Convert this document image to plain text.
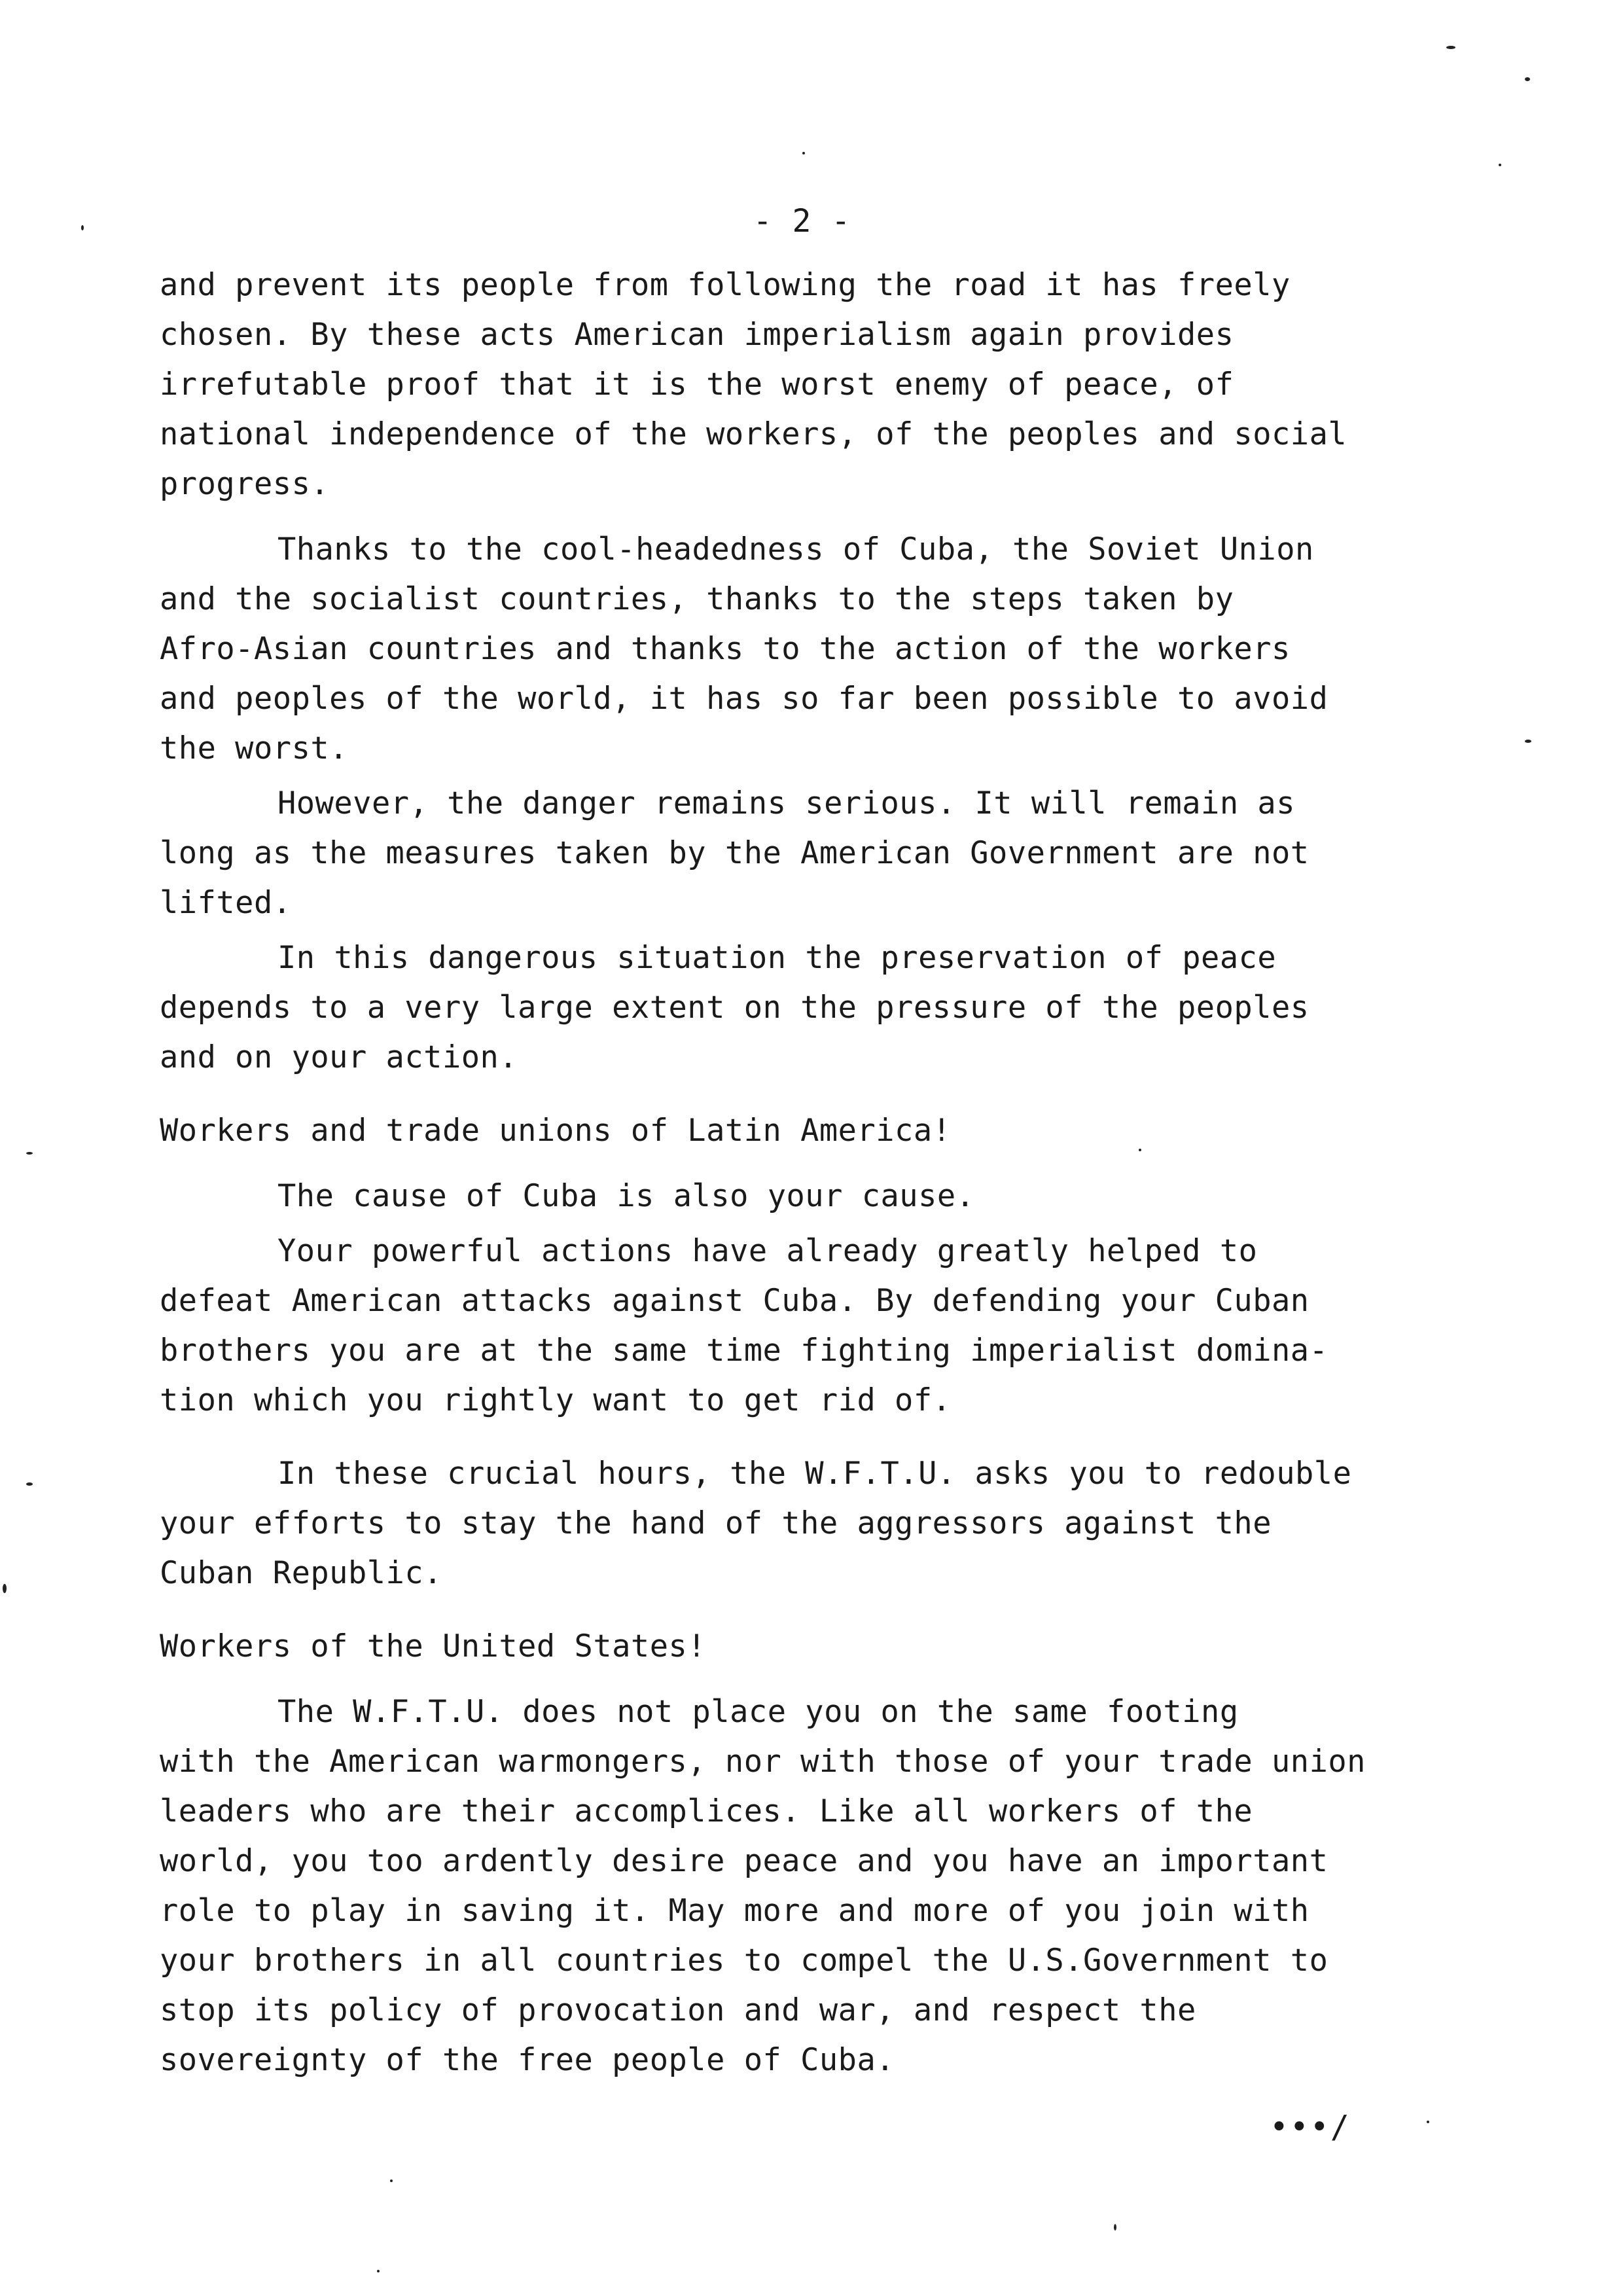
- 2 -

and prevent its people from following the road it has freely
chosen. By these acts American imperialism again provides
irrefutable proof that it is the worst enemy of peace, of
national independence of the workers, of the peoples and social
progress.

Thanks to the cool-headedness of Cuba, the Soviet Union
and the socialist countries, thanks to the steps taken by
Afro-Asian countries and thanks to the action of the workers
and peoples of the world, it has so far been possible to avoid
the worst.

However, the danger remains serious. It will remain as
long as the measures taken by the American Government are not
lifted.

In this dangerous situation the preservation of peace
depends to a very large extent on the pressure of the peoples
and on your action.

Workers and trade unions of Latin America!

The cause of Cuba is also your cause.

Your powerful actions have already greatly helped to
defeat American attacks against Cuba. By defending your Cuban
brothers you are at the same time fighting imperialist domina-
tion which you rightly want to get rid of.

In these crucial hours, the W.F.T.U. asks you to redouble
your efforts to stay the hand of the aggressors against the
Cuban Republic.

Workers of the United States!

The W.F.T.U. does not place you on the same footing
with the American warmongers, nor with those of your trade union
leaders who are their accomplices. Like all workers of the
world, you too ardently desire peace and you have an important
role to play in saving it. May more and more of you join with
your brothers in all countries to compel the U.S.Government to
stop its policy of provocation and war, and respect the
sovereignty of the free people of Cuba.

•••/
